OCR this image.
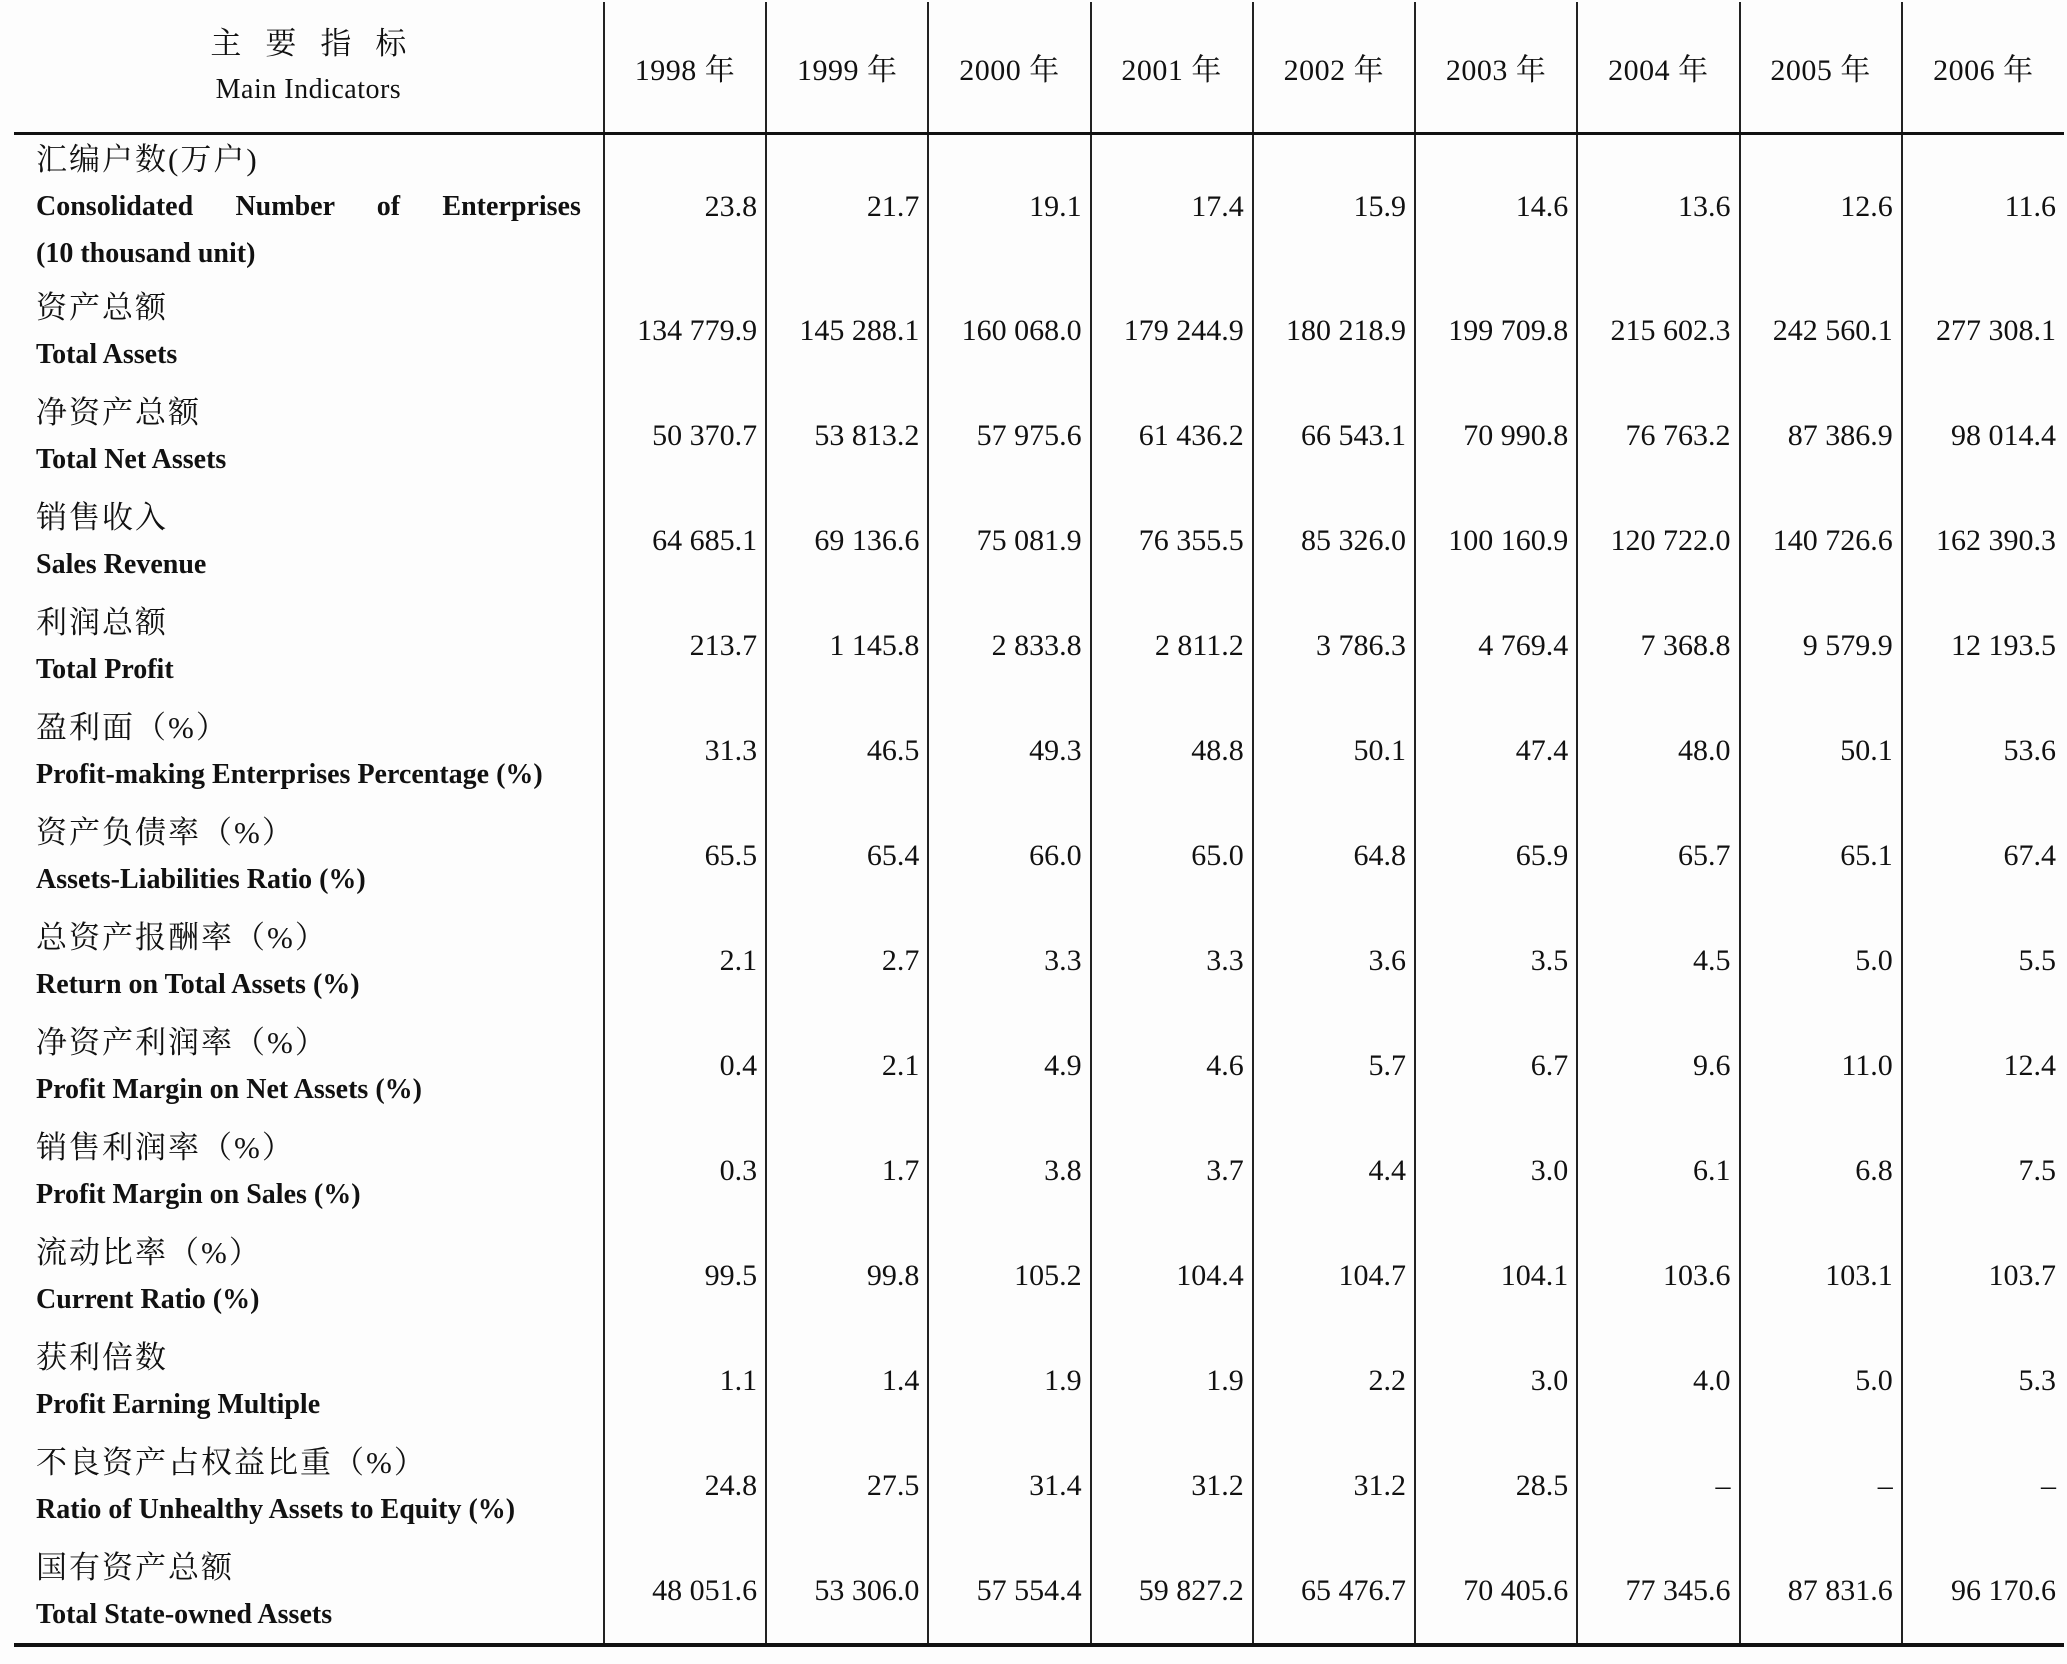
主要指标
Main Indicators	1998 年	1999 年	2000 年	2001 年	2002 年	2003 年	2004 年	2005 年	2006 年

汇编户数(万户)
Consolidated Number of Enterprises
(10 thousand unit)	23.8	21.7	19.1	17.4	15.9	14.6	13.6	12.6	11.6

资产总额
Total Assets	134 779.9	145 288.1	160 068.0	179 244.9	180 218.9	199 709.8	215 602.3	242 560.1	277 308.1

净资产总额
Total Net Assets	50 370.7	53 813.2	57 975.6	61 436.2	66 543.1	70 990.8	76 763.2	87 386.9	98 014.4

销售收入
Sales Revenue	64 685.1	69 136.6	75 081.9	76 355.5	85 326.0	100 160.9	120 722.0	140 726.6	162 390.3

利润总额
Total Profit	213.7	1 145.8	2 833.8	2 811.2	3 786.3	4 769.4	7 368.8	9 579.9	12 193.5

盈利面（%）
Profit-making Enterprises Percentage (%)	31.3	46.5	49.3	48.8	50.1	47.4	48.0	50.1	53.6

资产负债率（%）
Assets-Liabilities Ratio (%)	65.5	65.4	66.0	65.0	64.8	65.9	65.7	65.1	67.4

总资产报酬率（%）
Return on Total Assets (%)	2.1	2.7	3.3	3.3	3.6	3.5	4.5	5.0	5.5

净资产利润率（%）
Profit Margin on Net Assets (%)	0.4	2.1	4.9	4.6	5.7	6.7	9.6	11.0	12.4

销售利润率（%）
Profit Margin on Sales (%)	0.3	1.7	3.8	3.7	4.4	3.0	6.1	6.8	7.5

流动比率（%）
Current Ratio (%)	99.5	99.8	105.2	104.4	104.7	104.1	103.6	103.1	103.7

获利倍数
Profit Earning Multiple	1.1	1.4	1.9	1.9	2.2	3.0	4.0	5.0	5.3

不良资产占权益比重（%）
Ratio of Unhealthy Assets to Equity (%)	24.8	27.5	31.4	31.2	31.2	28.5	–	–	–

国有资产总额
Total State-owned Assets	48 051.6	53 306.0	57 554.4	59 827.2	65 476.7	70 405.6	77 345.6	87 831.6	96 170.6
